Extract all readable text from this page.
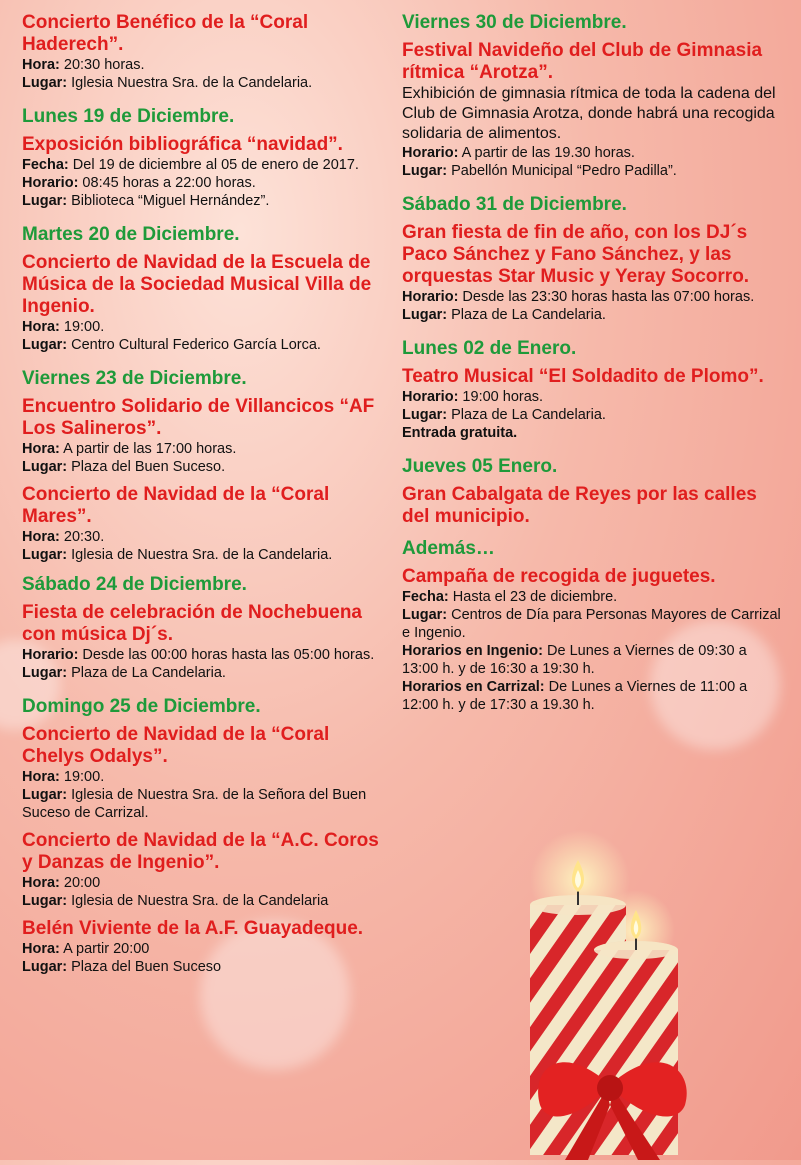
Concierto Benéfico de la “Coral Haderech”.

Hora: 20:30 horas.

Lugar: Iglesia Nuestra Sra. de la Candelaria.

Lunes 19 de Diciembre.

Exposición bibliográfica “navidad”.

Fecha: Del 19 de diciembre al 05 de enero de 2017.

Horario: 08:45 horas a 22:00 horas.

Lugar: Biblioteca “Miguel Hernández”.

Martes 20 de Diciembre.

Concierto de Navidad de la Escuela de Música de la Sociedad Musical Villa de Ingenio.

Hora: 19:00.

Lugar: Centro Cultural Federico García Lorca.

Viernes 23 de Diciembre.

Encuentro Solidario de Villancicos “AF Los Salineros”.

Hora: A partir de las 17:00 horas.

Lugar: Plaza del Buen Suceso.

Concierto de Navidad de la “Coral Mares”.

Hora: 20:30.

Lugar: Iglesia de Nuestra Sra. de la Candelaria.

Sábado 24 de Diciembre.

Fiesta de celebración de Nochebuena con música Dj´s.

Horario: Desde las 00:00 horas hasta las 05:00 horas.

Lugar: Plaza de La Candelaria.

Domingo 25 de Diciembre.

Concierto de Navidad de la “Coral Chelys Odalys”.

Hora: 19:00.

Lugar: Iglesia de Nuestra Sra. de la Señora del Buen Suceso de Carrizal.

Concierto de Navidad de la “A.C. Coros y Danzas de Ingenio”.

Hora: 20:00

Lugar: Iglesia de Nuestra Sra. de la Candelaria

Belén Viviente de la A.F. Guayadeque.

Hora: A partir 20:00

Lugar: Plaza del Buen Suceso

Viernes 30 de Diciembre.

Festival Navideño del Club de Gimnasia rítmica “Arotza”.

Exhibición de gimnasia rítmica de toda la cadena del Club de Gimnasia Arotza, donde habrá una recogida solidaria de alimentos.

Horario: A partir de las 19.30 horas.

Lugar: Pabellón Municipal “Pedro Padilla”.

Sábado 31 de Diciembre.

Gran fiesta de fin de año, con los DJ´s Paco Sánchez y Fano Sánchez, y las orquestas Star Music y Yeray Socorro.

Horario: Desde las 23:30 horas hasta las 07:00 horas.

Lugar: Plaza de La Candelaria.

Lunes 02 de Enero.

Teatro Musical “El Soldadito de Plomo”.

Horario: 19:00 horas.

Lugar: Plaza de La Candelaria.

Entrada gratuita.

Jueves 05 Enero.

Gran Cabalgata de Reyes por las calles del municipio.

Además…

Campaña de recogida de juguetes.

Fecha: Hasta el 23 de diciembre.

Lugar: Centros de Día para Personas Mayores de Carrizal e Ingenio.

Horarios en Ingenio: De Lunes a Viernes de 09:30 a 13:00 h. y de 16:30 a 19:30 h.

Horarios en Carrizal: De Lunes a Viernes de 11:00 a 12:00 h. y de 17:30 a 19.30 h.
